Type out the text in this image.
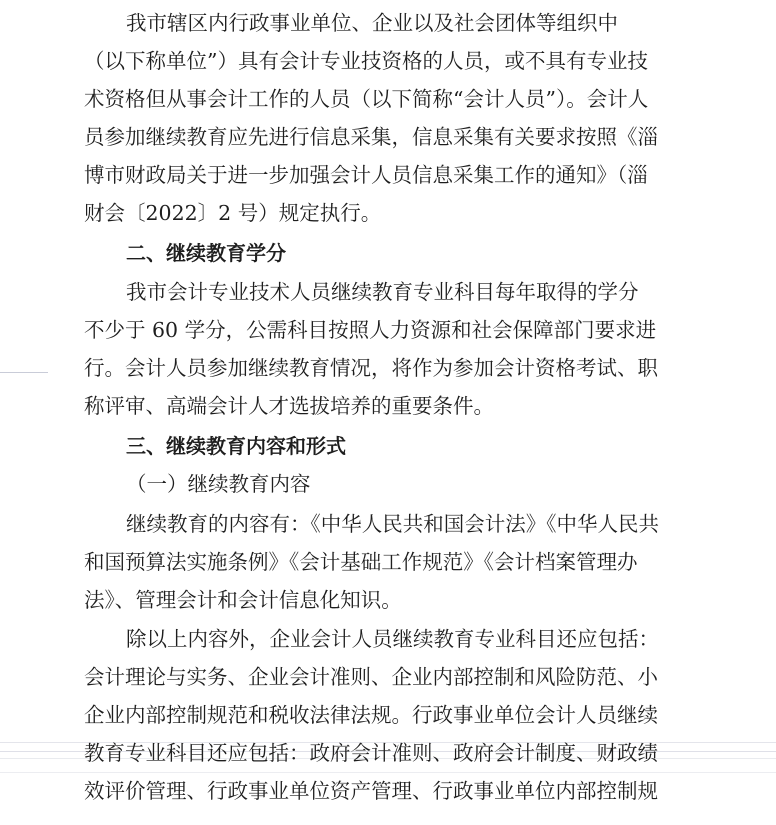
我市辖区内行政事业单位、企业以及社会团体等组织中
（以下称单位”）具有会计专业技资格的人员，或不具有专业技
术资格但从事会计工作的人员（以下简称“会计人员”）。会计人
员参加继续教育应先进行信息采集，信息采集有关要求按照《淄
博市财政局关于进一步加强会计人员信息采集工作的通知》（淄
财会〔2022〕2 号）规定执行。
二、继续教育学分
我市会计专业技术人员继续教育专业科目每年取得的学分
不少于 60 学分，公需科目按照人力资源和社会保障部门要求进
行。会计人员参加继续教育情况，将作为参加会计资格考试、职
称评审、高端会计人才选拔培养的重要条件。
三、继续教育内容和形式
（一）继续教育内容
继续教育的内容有：《中华人民共和国会计法》《中华人民共
和国预算法实施条例》《会计基础工作规范》《会计档案管理办
法》、管理会计和会计信息化知识。
除以上内容外，企业会计人员继续教育专业科目还应包括：
会计理论与实务、企业会计准则、企业内部控制和风险防范、小
企业内部控制规范和税收法律法规。行政事业单位会计人员继续
教育专业科目还应包括：政府会计准则、政府会计制度、财政绩
效评价管理、行政事业单位资产管理、行政事业单位内部控制规
